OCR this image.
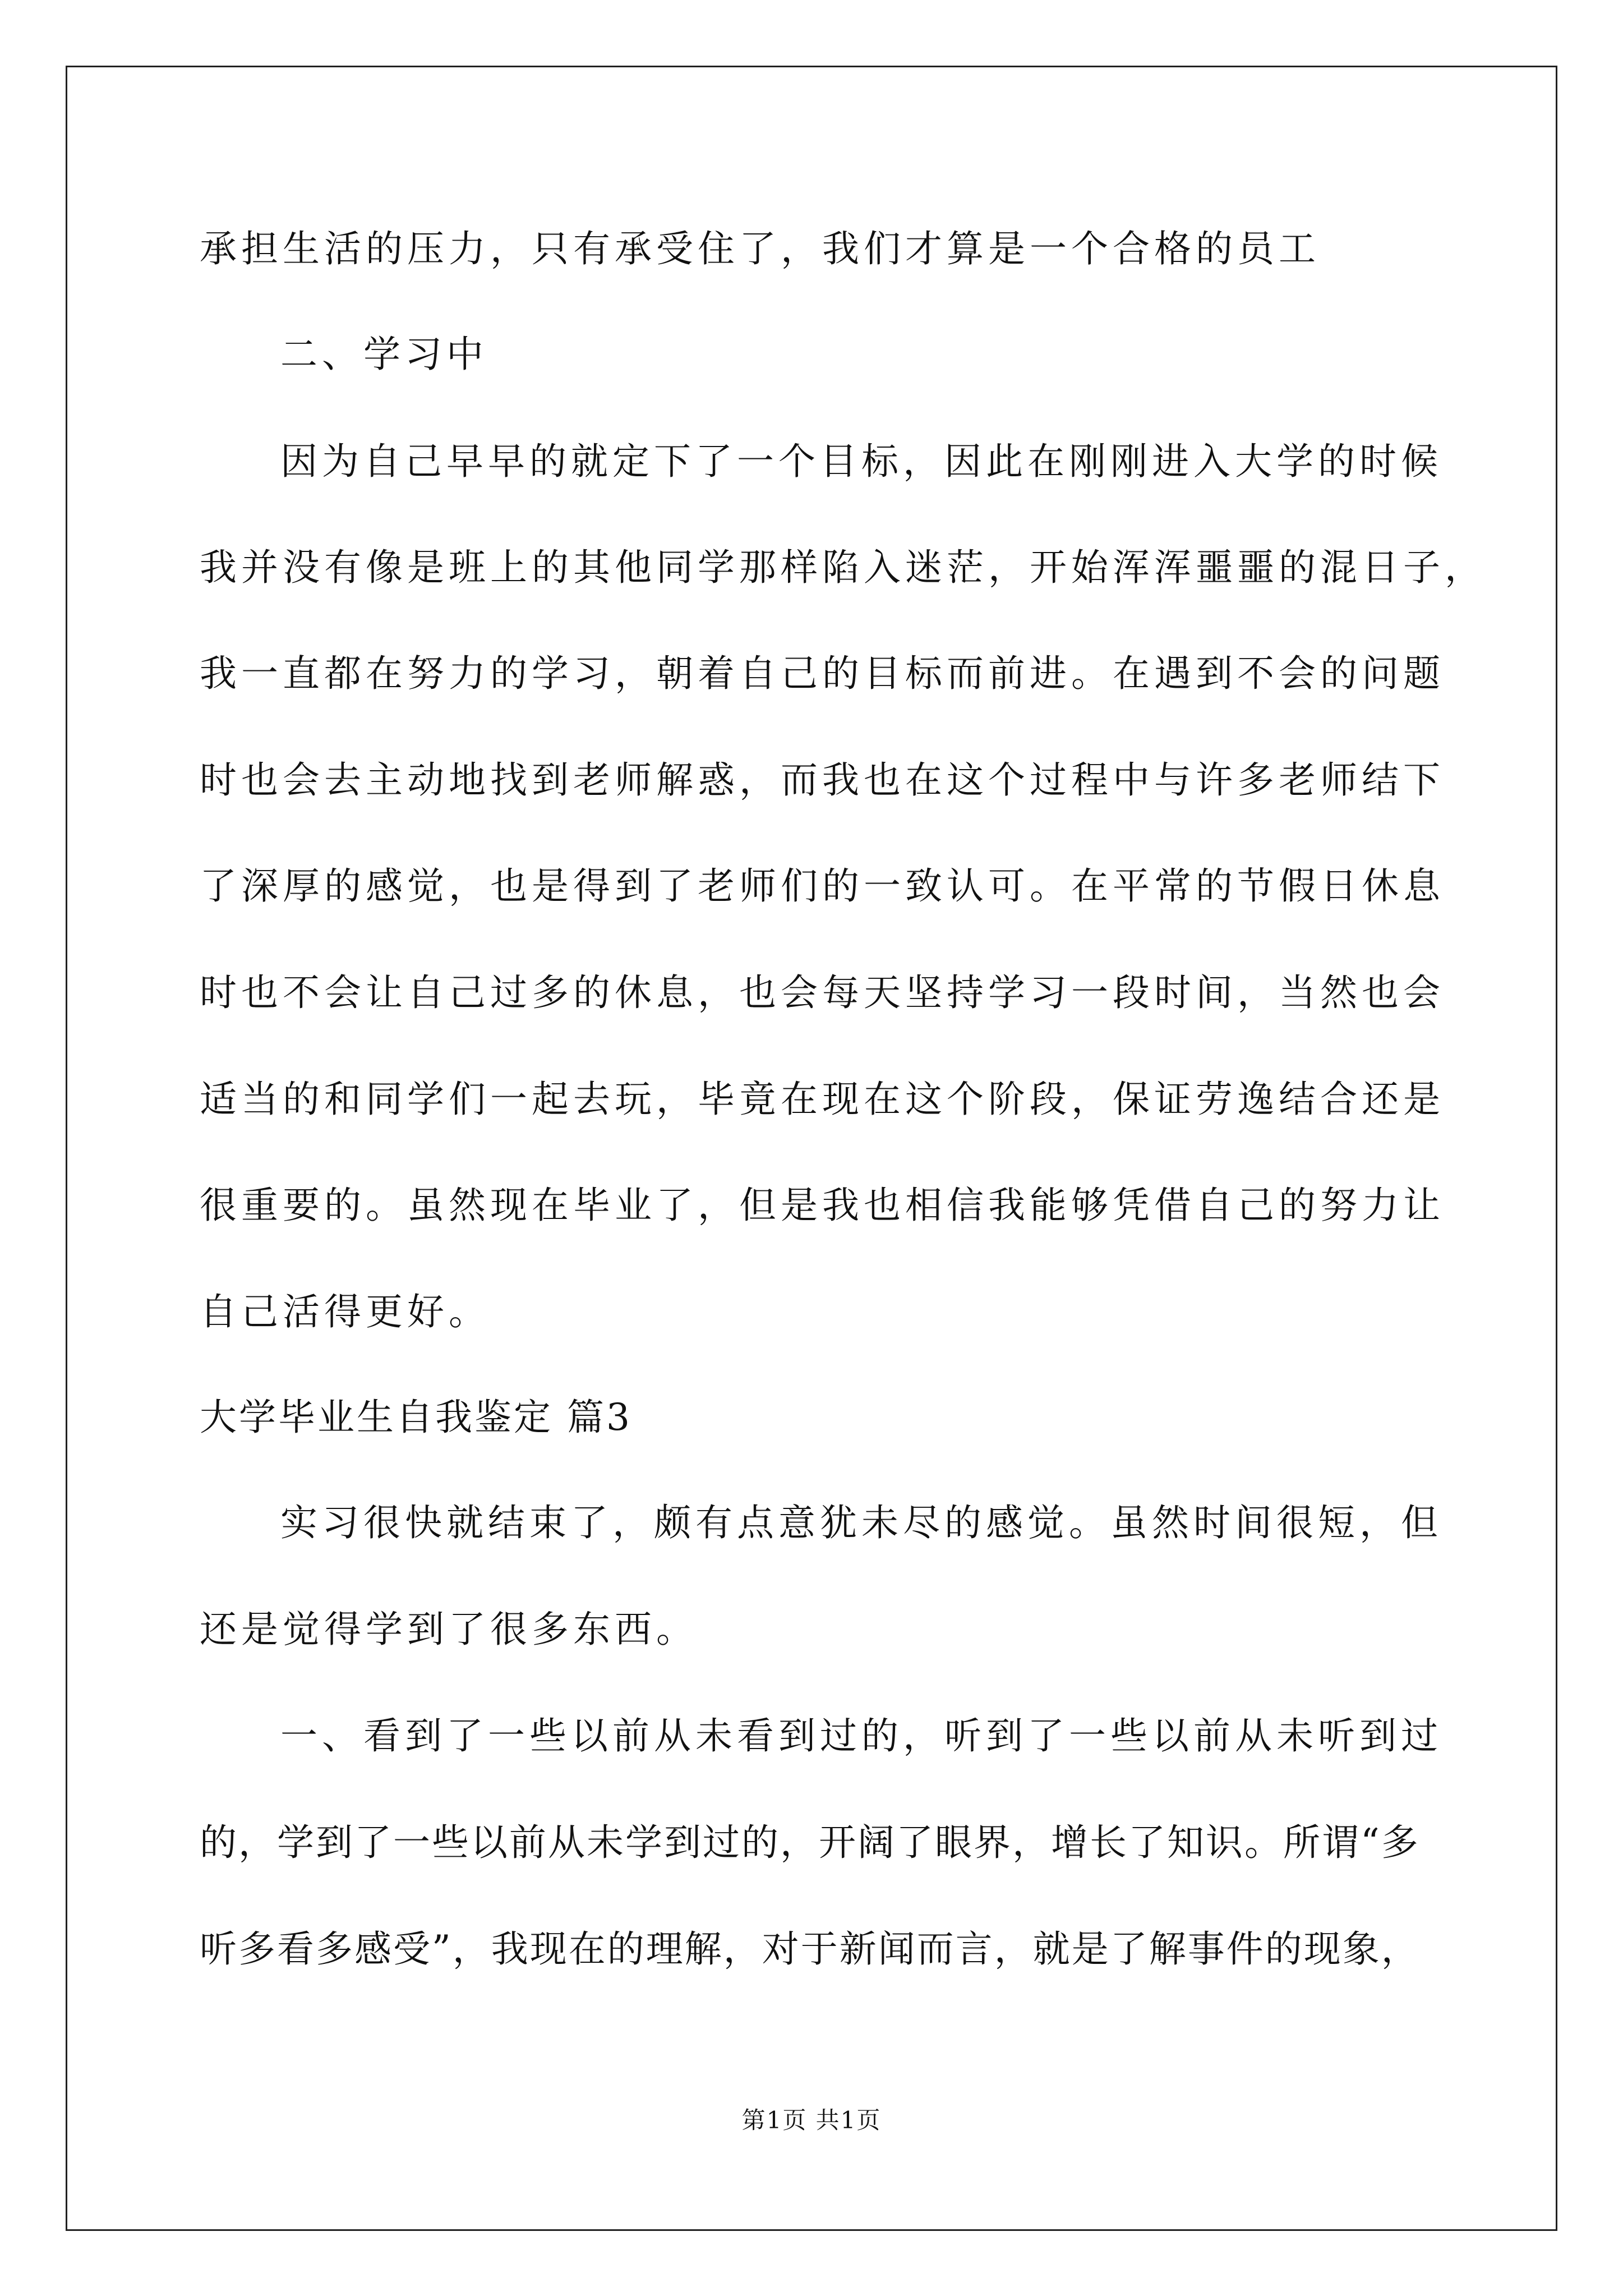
承担生活的压力，只有承受住了，我们才算是一个合格的员工
二、学习中
因为自己早早的就定下了一个目标，因此在刚刚进入大学的时候
我并没有像是班上的其他同学那样陷入迷茫，开始浑浑噩噩的混日子，
我一直都在努力的学习，朝着自己的目标而前进。在遇到不会的问题
时也会去主动地找到老师解惑，而我也在这个过程中与许多老师结下
了深厚的感觉，也是得到了老师们的一致认可。在平常的节假日休息
时也不会让自己过多的休息，也会每天坚持学习一段时间，当然也会
适当的和同学们一起去玩，毕竟在现在这个阶段，保证劳逸结合还是
很重要的。虽然现在毕业了，但是我也相信我能够凭借自己的努力让
自己活得更好。
大学毕业生自我鉴定 篇3
实习很快就结束了，颇有点意犹未尽的感觉。虽然时间很短，但
还是觉得学到了很多东西。
一、看到了一些以前从未看到过的，听到了一些以前从未听到过
的，学到了一些以前从未学到过的，开阔了眼界，增长了知识。所谓“多
听多看多感受”，我现在的理解，对于新闻而言，就是了解事件的现象，
第1页 共1页
